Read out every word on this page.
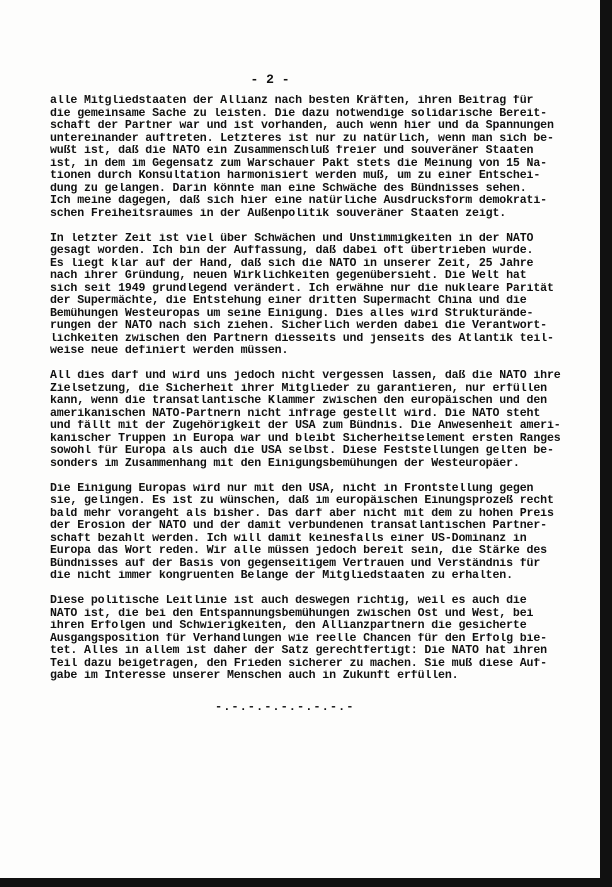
- 2 -

alle Mitgliedstaaten der Allianz nach besten Kräften, ihren Beitrag für
die gemeinsame Sache zu leisten. Die dazu notwendige solidarische Bereit-
schaft der Partner war und ist vorhanden, auch wenn hier und da Spannungen
untereinander auftreten. Letzteres ist nur zu natürlich, wenn man sich be-
wußt ist, daß die NATO ein Zusammenschluß freier und souveräner Staaten
ist, in dem im Gegensatz zum Warschauer Pakt stets die Meinung von 15 Na-
tionen durch Konsultation harmonisiert werden muß, um zu einer Entschei-
dung zu gelangen. Darin könnte man eine Schwäche des Bündnisses sehen.
Ich meine dagegen, daß sich hier eine natürliche Ausdrucksform demokrati-
schen Freiheitsraumes in der Außenpolitik souveräner Staaten zeigt.

In letzter Zeit ist viel über Schwächen und Unstimmigkeiten in der NATO
gesagt worden. Ich bin der Auffassung, daß dabei oft übertrieben wurde.
Es liegt klar auf der Hand, daß sich die NATO in unserer Zeit, 25 Jahre
nach ihrer Gründung, neuen Wirklichkeiten gegenübersieht. Die Welt hat
sich seit 1949 grundlegend verändert. Ich erwähne nur die nukleare Parität
der Supermächte, die Entstehung einer dritten Supermacht China und die
Bemühungen Westeuropas um seine Einigung. Dies alles wird Strukturände-
rungen der NATO nach sich ziehen. Sicherlich werden dabei die Verantwort-
lichkeiten zwischen den Partnern diesseits und jenseits des Atlantik teil-
weise neue definiert werden müssen.

All dies darf und wird uns jedoch nicht vergessen lassen, daß die NATO ihre
Zielsetzung, die Sicherheit ihrer Mitglieder zu garantieren, nur erfüllen
kann, wenn die transatlantische Klammer zwischen den europäischen und den
amerikanischen NATO-Partnern nicht infrage gestellt wird. Die NATO steht
und fällt mit der Zugehörigkeit der USA zum Bündnis. Die Anwesenheit ameri-
kanischer Truppen in Europa war und bleibt Sicherheitselement ersten Ranges
sowohl für Europa als auch die USA selbst. Diese Feststellungen gelten be-
sonders im Zusammenhang mit den Einigungsbemühungen der Westeuropäer.

Die Einigung Europas wird nur mit den USA, nicht in Frontstellung gegen
sie, gelingen. Es ist zu wünschen, daß im europäischen Einungsprozeß recht
bald mehr vorangeht als bisher. Das darf aber nicht mit dem zu hohen Preis
der Erosion der NATO und der damit verbundenen transatlantischen Partner-
schaft bezahlt werden. Ich will damit keinesfalls einer US-Dominanz in
Europa das Wort reden. Wir alle müssen jedoch bereit sein, die Stärke des
Bündnisses auf der Basis von gegenseitigem Vertrauen und Verständnis für
die nicht immer kongruenten Belange der Mitgliedstaaten zu erhalten.

Diese politische Leitlinie ist auch deswegen richtig, weil es auch die
NATO ist, die bei den Entspannungsbemühungen zwischen Ost und West, bei
ihren Erfolgen und Schwierigkeiten, den Allianzpartnern die gesicherte
Ausgangsposition für Verhandlungen wie reelle Chancen für den Erfolg bie-
tet. Alles in allem ist daher der Satz gerechtfertigt: Die NATO hat ihren
Teil dazu beigetragen, den Frieden sicherer zu machen. Sie muß diese Auf-
gabe im Interesse unserer Menschen auch in Zukunft erfüllen.

-.-.-.-.-.-.-.-.-
